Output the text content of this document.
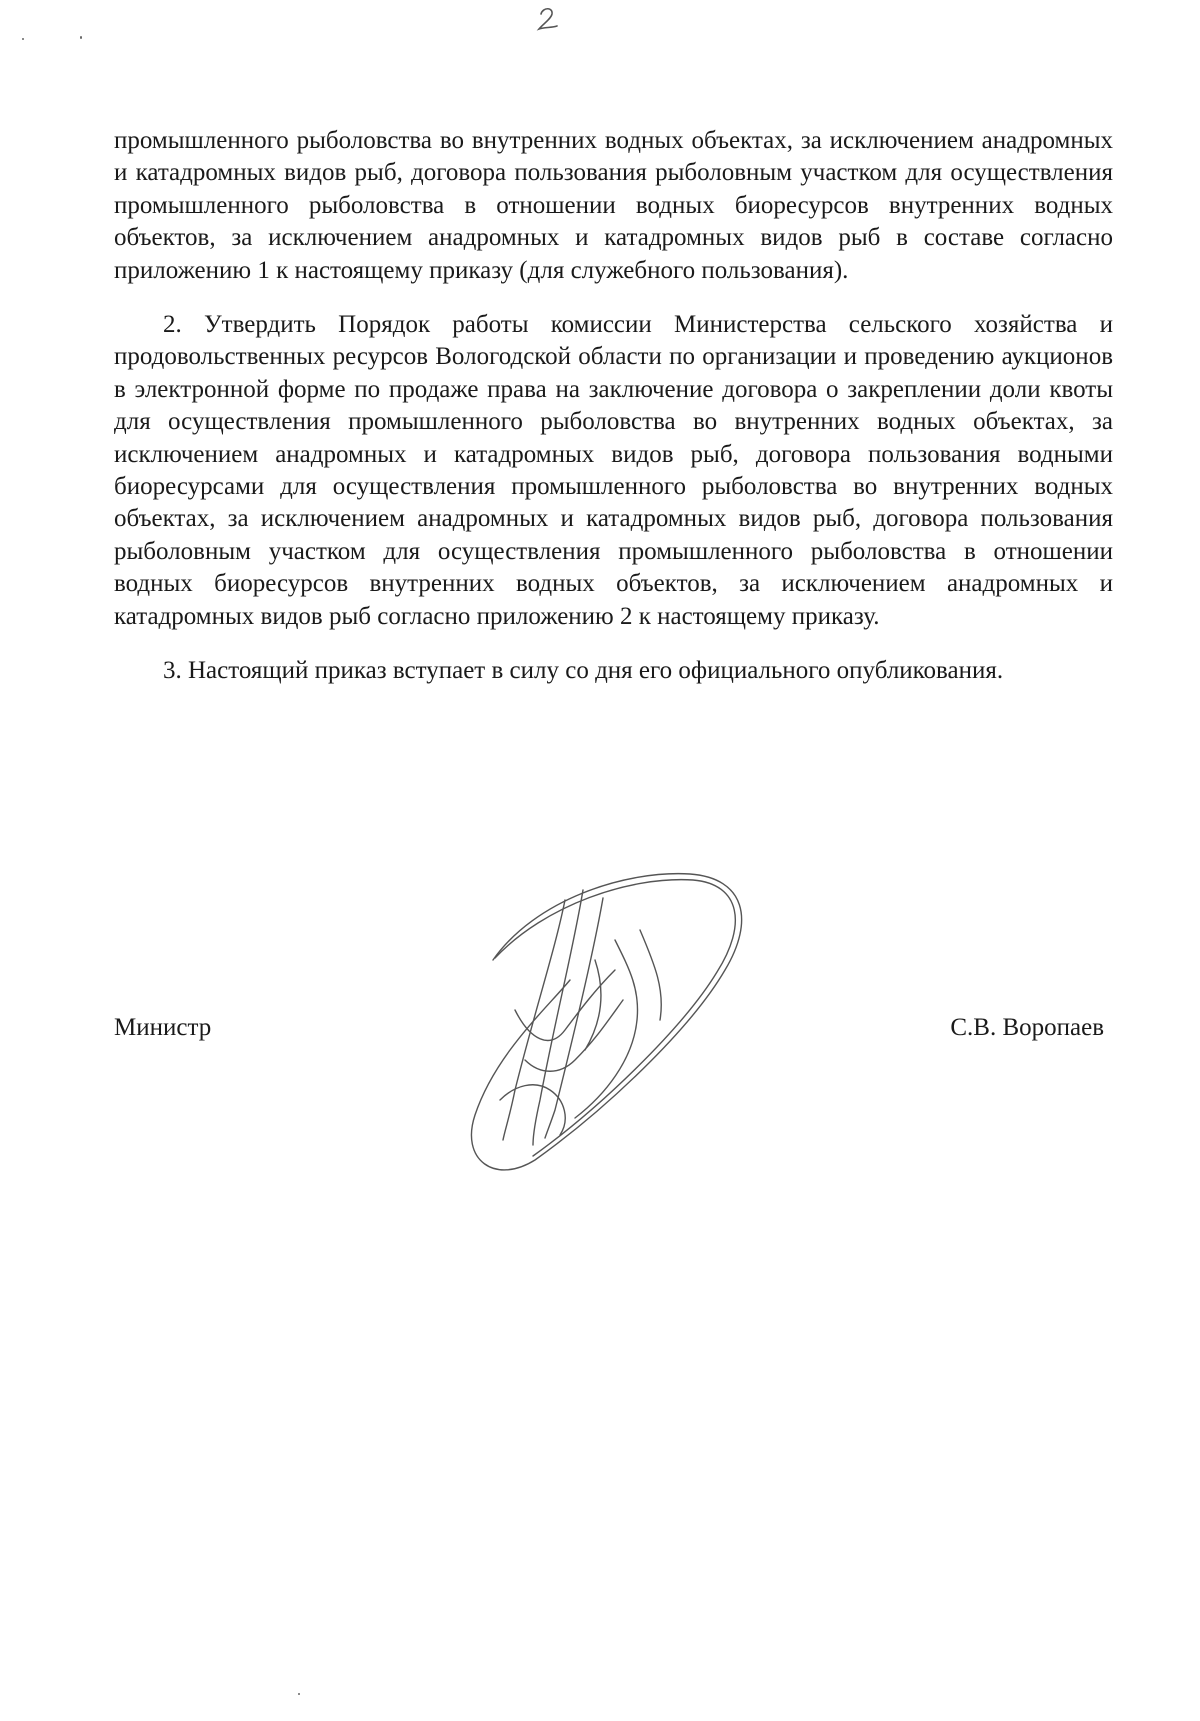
промышленного рыболовства во внутренних водных объектах, за исключением анадромных и катадромных видов рыб, договора пользования рыболовным участком для осуществления промышленного рыболовства в отношении водных биоресурсов внутренних водных объектов, за исключением анадромных и катадромных видов рыб в составе согласно приложению 1 к настоящему приказу (для служебного пользования).

2. Утвердить Порядок работы комиссии Министерства сельского хозяйства и продовольственных ресурсов Вологодской области по организации и проведению аукционов в электронной форме по продаже права на заключение договора о закреплении доли квоты для осуществления промышленного рыболовства во внутренних водных объектах, за исключением анадромных и катадромных видов рыб, договора пользования водными биоресурсами для осуществления промышленного рыболовства во внутренних водных объектах, за исключением анадромных и катадромных видов рыб, договора пользования рыболовным участком для осуществления промышленного рыболовства в отношении водных биоресурсов внутренних водных объектов, за исключением анадромных и катадромных видов рыб согласно приложению 2 к настоящему приказу.

3. Настоящий приказ вступает в силу со дня его официального опубликования.

Министр	С.В. Воропаев
